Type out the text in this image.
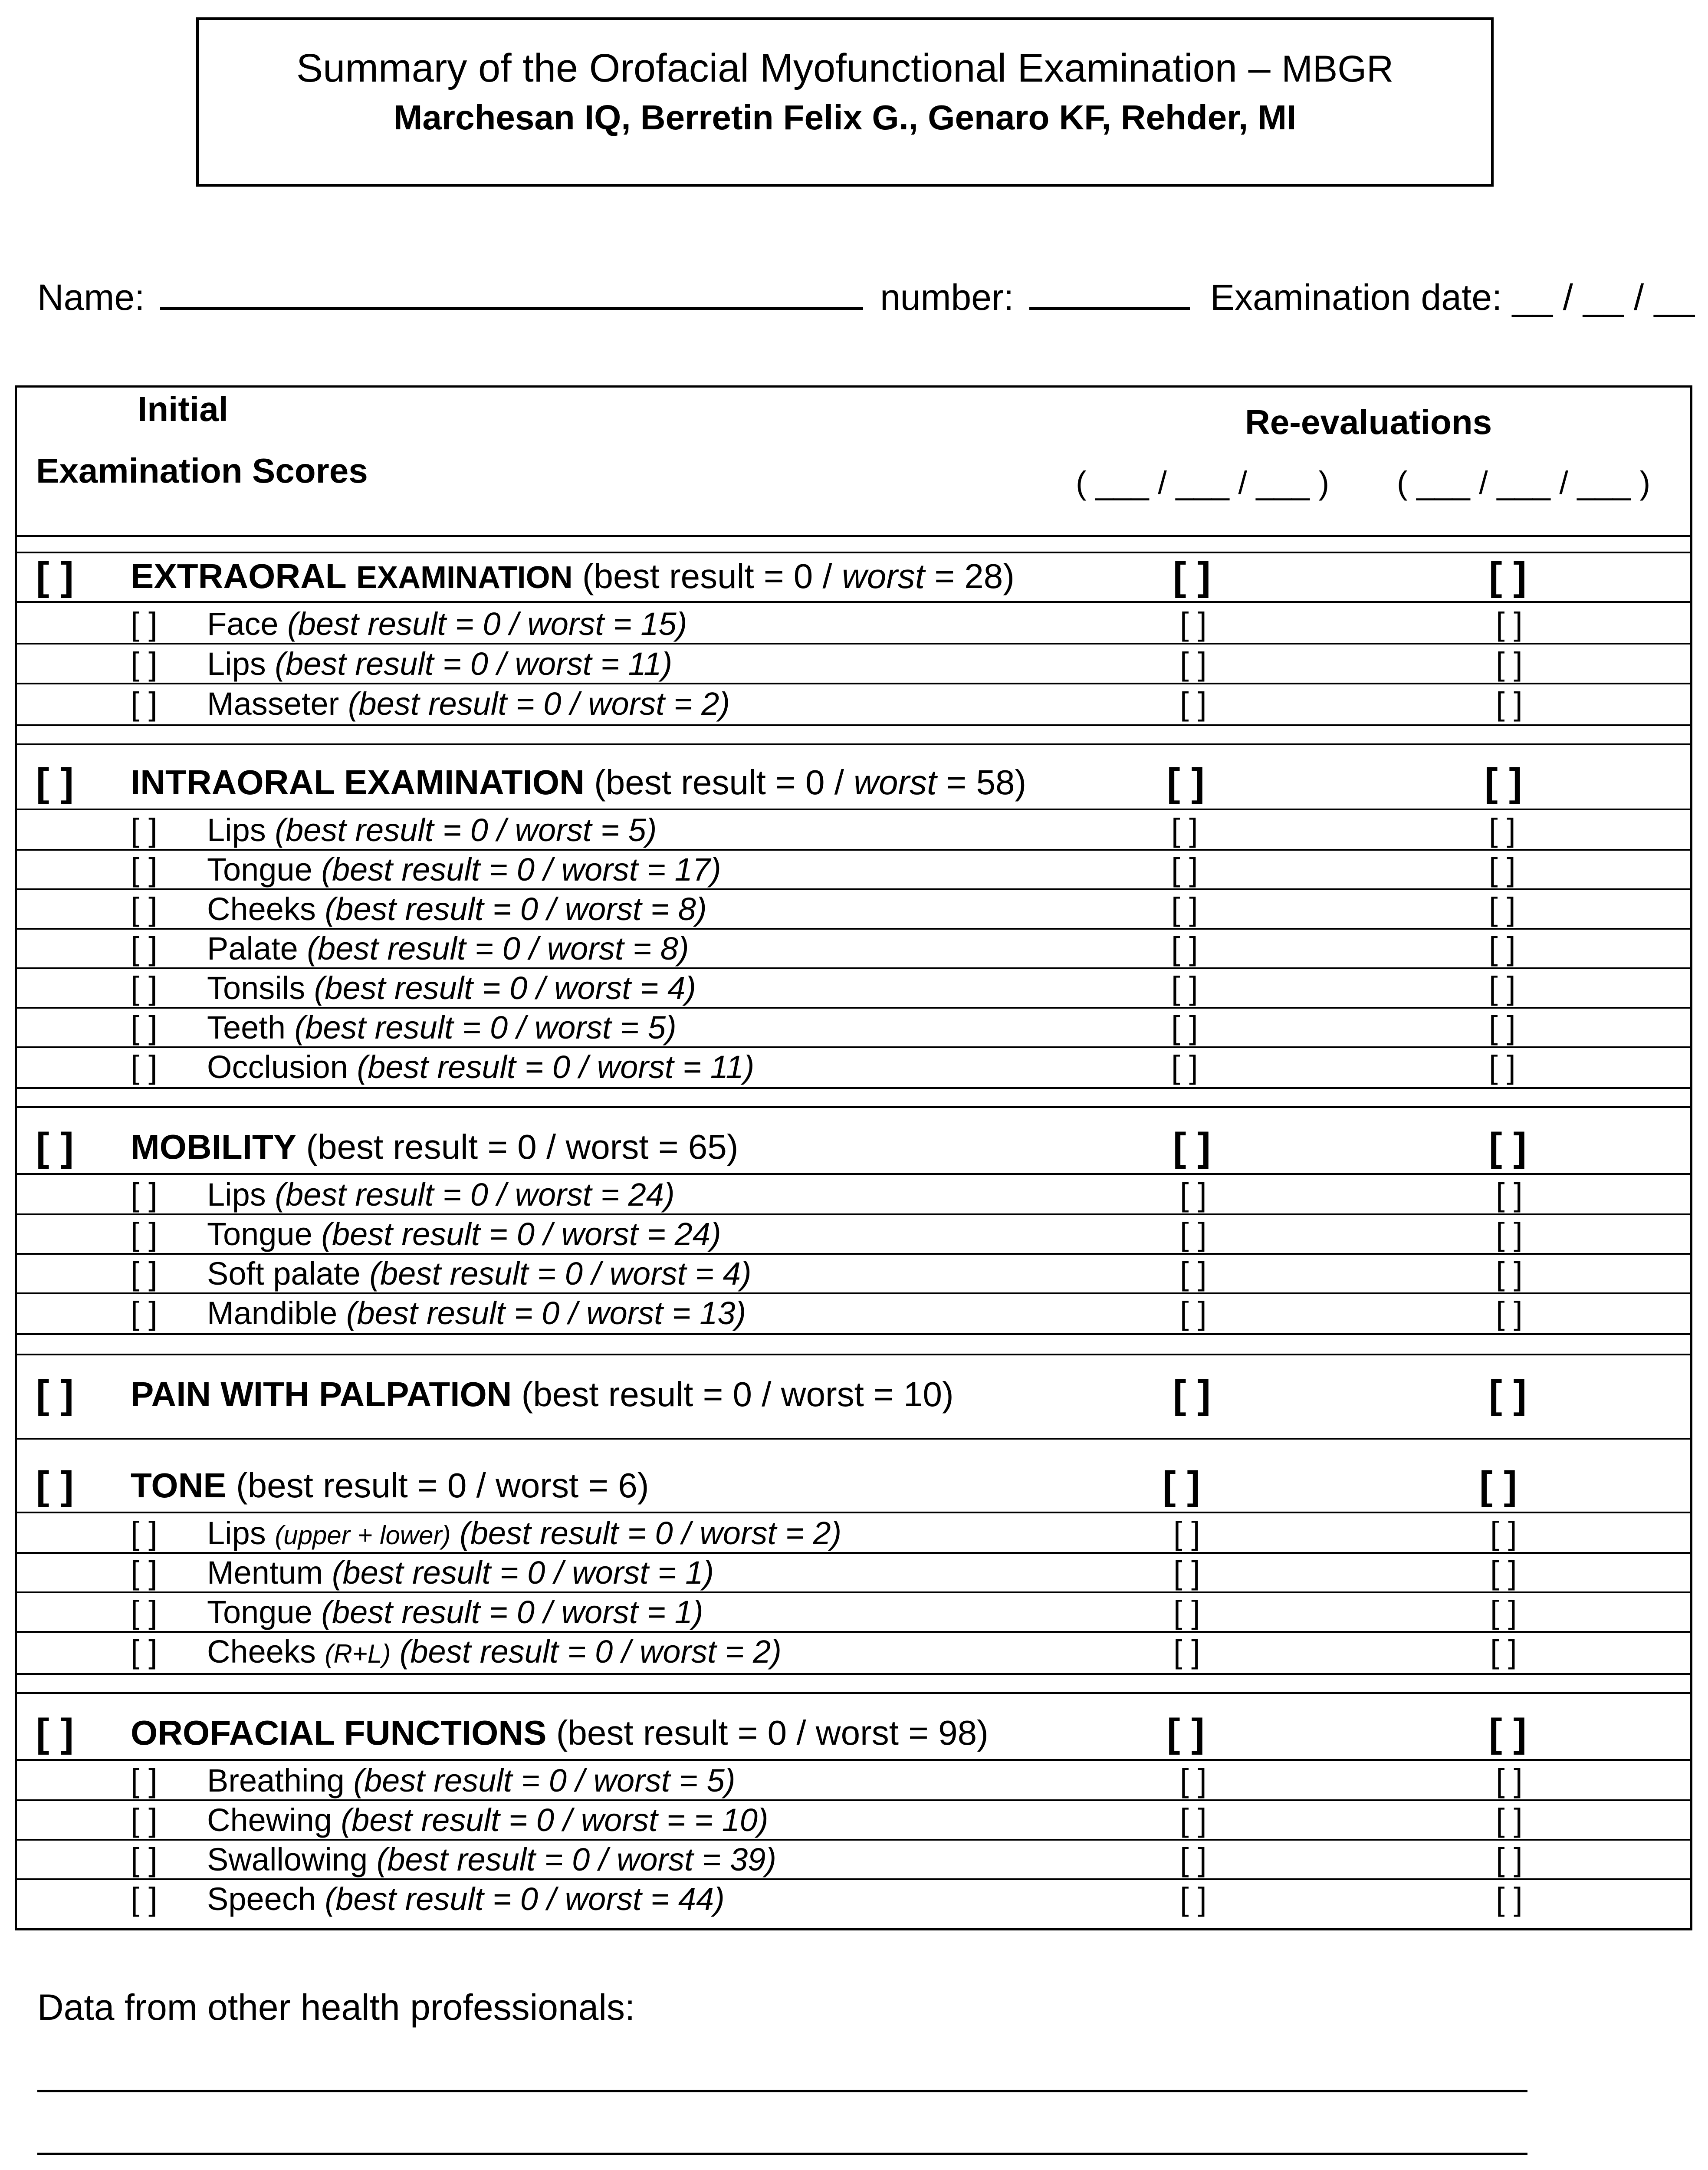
Summary of the Orofacial Myofunctional Examination – MBGR
Marchesan IQ, Berretin Felix G., Genaro KF, Rehder, MI
Name:	number:	Examination date: __ / __ / __
Initial
Examination Scores
Re-evaluations
( ___ / ___ / ___ ) ( ___ / ___ / ___ )
[ ] EXTRAORAL EXAMINATION (best result = 0 / worst = 28)	[ ]	[ ]
[ ] Face (best result = 0 / worst = 15)	[ ]	[ ]
[ ] Lips (best result = 0 / worst = 11)	[ ]	[ ]
[ ] Masseter (best result = 0 / worst = 2)	[ ]	[ ]
[ ] INTRAORAL EXAMINATION (best result = 0 / worst = 58)	[ ]	[ ]
[ ] Lips (best result = 0 / worst = 5)	[ ]	[ ]
[ ] Tongue (best result = 0 / worst = 17)	[ ]	[ ]
[ ] Cheeks (best result = 0 / worst = 8)	[ ]	[ ]
[ ] Palate (best result = 0 / worst = 8)	[ ]	[ ]
[ ] Tonsils (best result = 0 / worst = 4)	[ ]	[ ]
[ ] Teeth (best result = 0 / worst = 5)	[ ]	[ ]
[ ] Occlusion (best result = 0 / worst = 11)	[ ]	[ ]
[ ] MOBILITY (best result = 0 / worst = 65)	[ ]	[ ]
[ ] Lips (best result = 0 / worst = 24)	[ ]	[ ]
[ ] Tongue (best result = 0 / worst = 24)	[ ]	[ ]
[ ] Soft palate (best result = 0 / worst = 4)	[ ]	[ ]
[ ] Mandible (best result = 0 / worst = 13)	[ ]	[ ]
[ ] PAIN WITH PALPATION (best result = 0 / worst = 10)	[ ]	[ ]
[ ] TONE (best result = 0 / worst = 6)	[ ]	[ ]
[ ] Lips (upper + lower) (best result = 0 / worst = 2)	[ ]	[ ]
[ ] Mentum (best result = 0 / worst = 1)	[ ]	[ ]
[ ] Tongue (best result = 0 / worst = 1)	[ ]	[ ]
[ ] Cheeks (R+L) (best result = 0 / worst = 2)	[ ]	[ ]
[ ] OROFACIAL FUNCTIONS (best result = 0 / worst = 98)	[ ]	[ ]
[ ] Breathing (best result = 0 / worst = 5)	[ ]	[ ]
[ ] Chewing (best result = 0 / worst = = 10)	[ ]	[ ]
[ ] Swallowing (best result = 0 / worst = 39)	[ ]	[ ]
[ ] Speech (best result = 0 / worst = 44)	[ ]	[ ]
Data from other health professionals:
